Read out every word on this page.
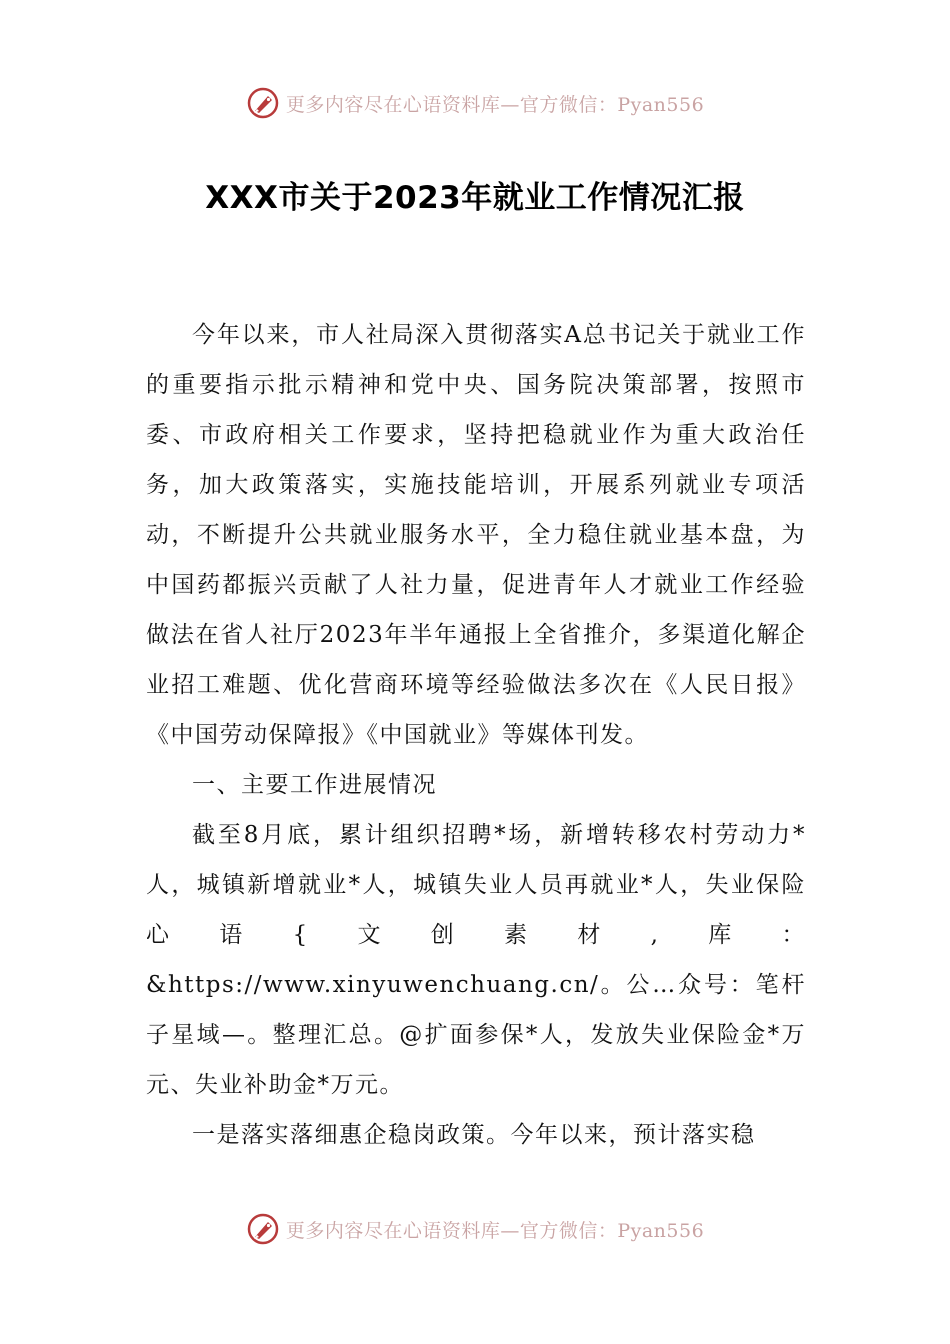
更多内容尽在心语资料库—官方微信：Pyan556
XXX市关于2023年就业工作情况汇报

今年以来，市人社局深入贯彻落实A总书记关于就业工作的重要指示批示精神和党中央、国务院决策部署，按照市委、市政府相关工作要求，坚持把稳就业作为重大政治任务，加大政策落实，实施技能培训，开展系列就业专项活动，不断提升公共就业服务水平，全力稳住就业基本盘，为中国药都振兴贡献了人社力量，促进青年人才就业工作经验做法在省人社厅2023年半年通报上全省推介，多渠道化解企业招工难题、优化营商环境等经验做法多次在《人民日报》《中国劳动保障报》《中国就业》等媒体刊发。

一、主要工作进展情况

截至8月底，累计组织招聘*场，新增转移农村劳动力*人，城镇新增就业*人，城镇失业人员再就业*人，失业保险心语{文创素材,库：&https://www.xinyuwenchuang.cn/。公…众号：笔杆子星域—。整理汇总。@扩面参保*人，发放失业保险金*万元、失业补助金*万元。

一是落实落细惠企稳岗政策。今年以来，预计落实稳

更多内容尽在心语资料库—官方微信：Pyan556
